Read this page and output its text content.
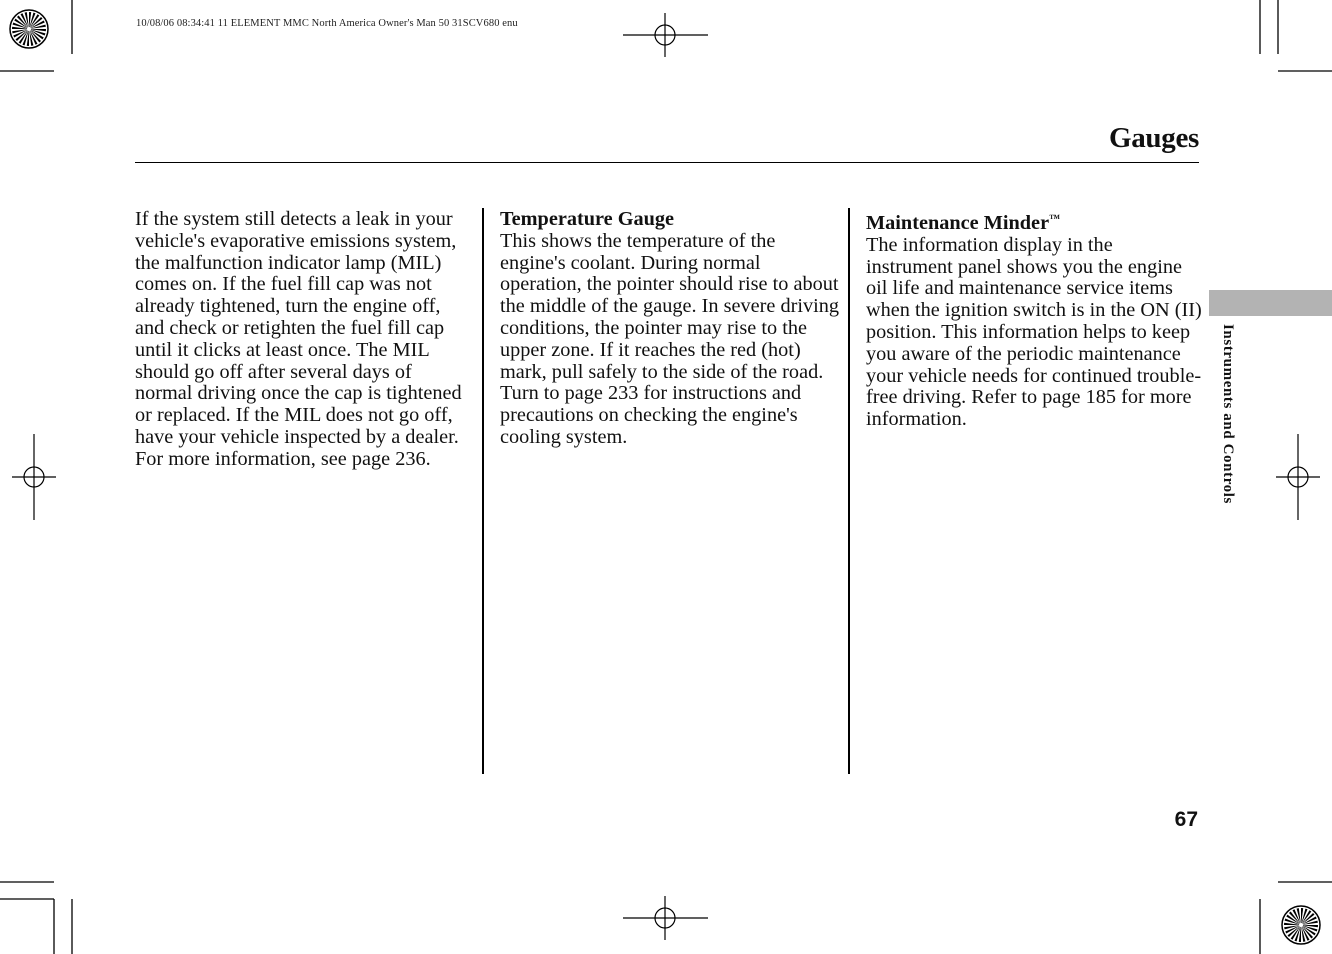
10/08/06 08:34:41 11 ELEMENT MMC North America Owner's Man 50 31SCV680 enu
Gauges

If the system still detects a leak in your vehicle's evaporative emissions system, the malfunction indicator lamp (MIL) comes on. If the fuel fill cap was not already tightened, turn the engine off, and check or retighten the fuel fill cap until it clicks at least once. The MIL should go off after several days of normal driving once the cap is tightened or replaced. If the MIL does not go off, have your vehicle inspected by a dealer. For more information, see page 236.

Temperature Gauge

This shows the temperature of the engine's coolant. During normal operation, the pointer should rise to about the middle of the gauge. In severe driving conditions, the pointer may rise to the upper zone. If it reaches the red (hot) mark, pull safely to the side of the road. Turn to page 233 for instructions and precautions on checking the engine's cooling system.

Maintenance Minder™

The information display in the instrument panel shows you the engine oil life and maintenance service items when the ignition switch is in the ON (II) position. This information helps to keep you aware of the periodic maintenance your vehicle needs for continued trouble-free driving. Refer to page 185 for more information.	Instruments and Controls
67
